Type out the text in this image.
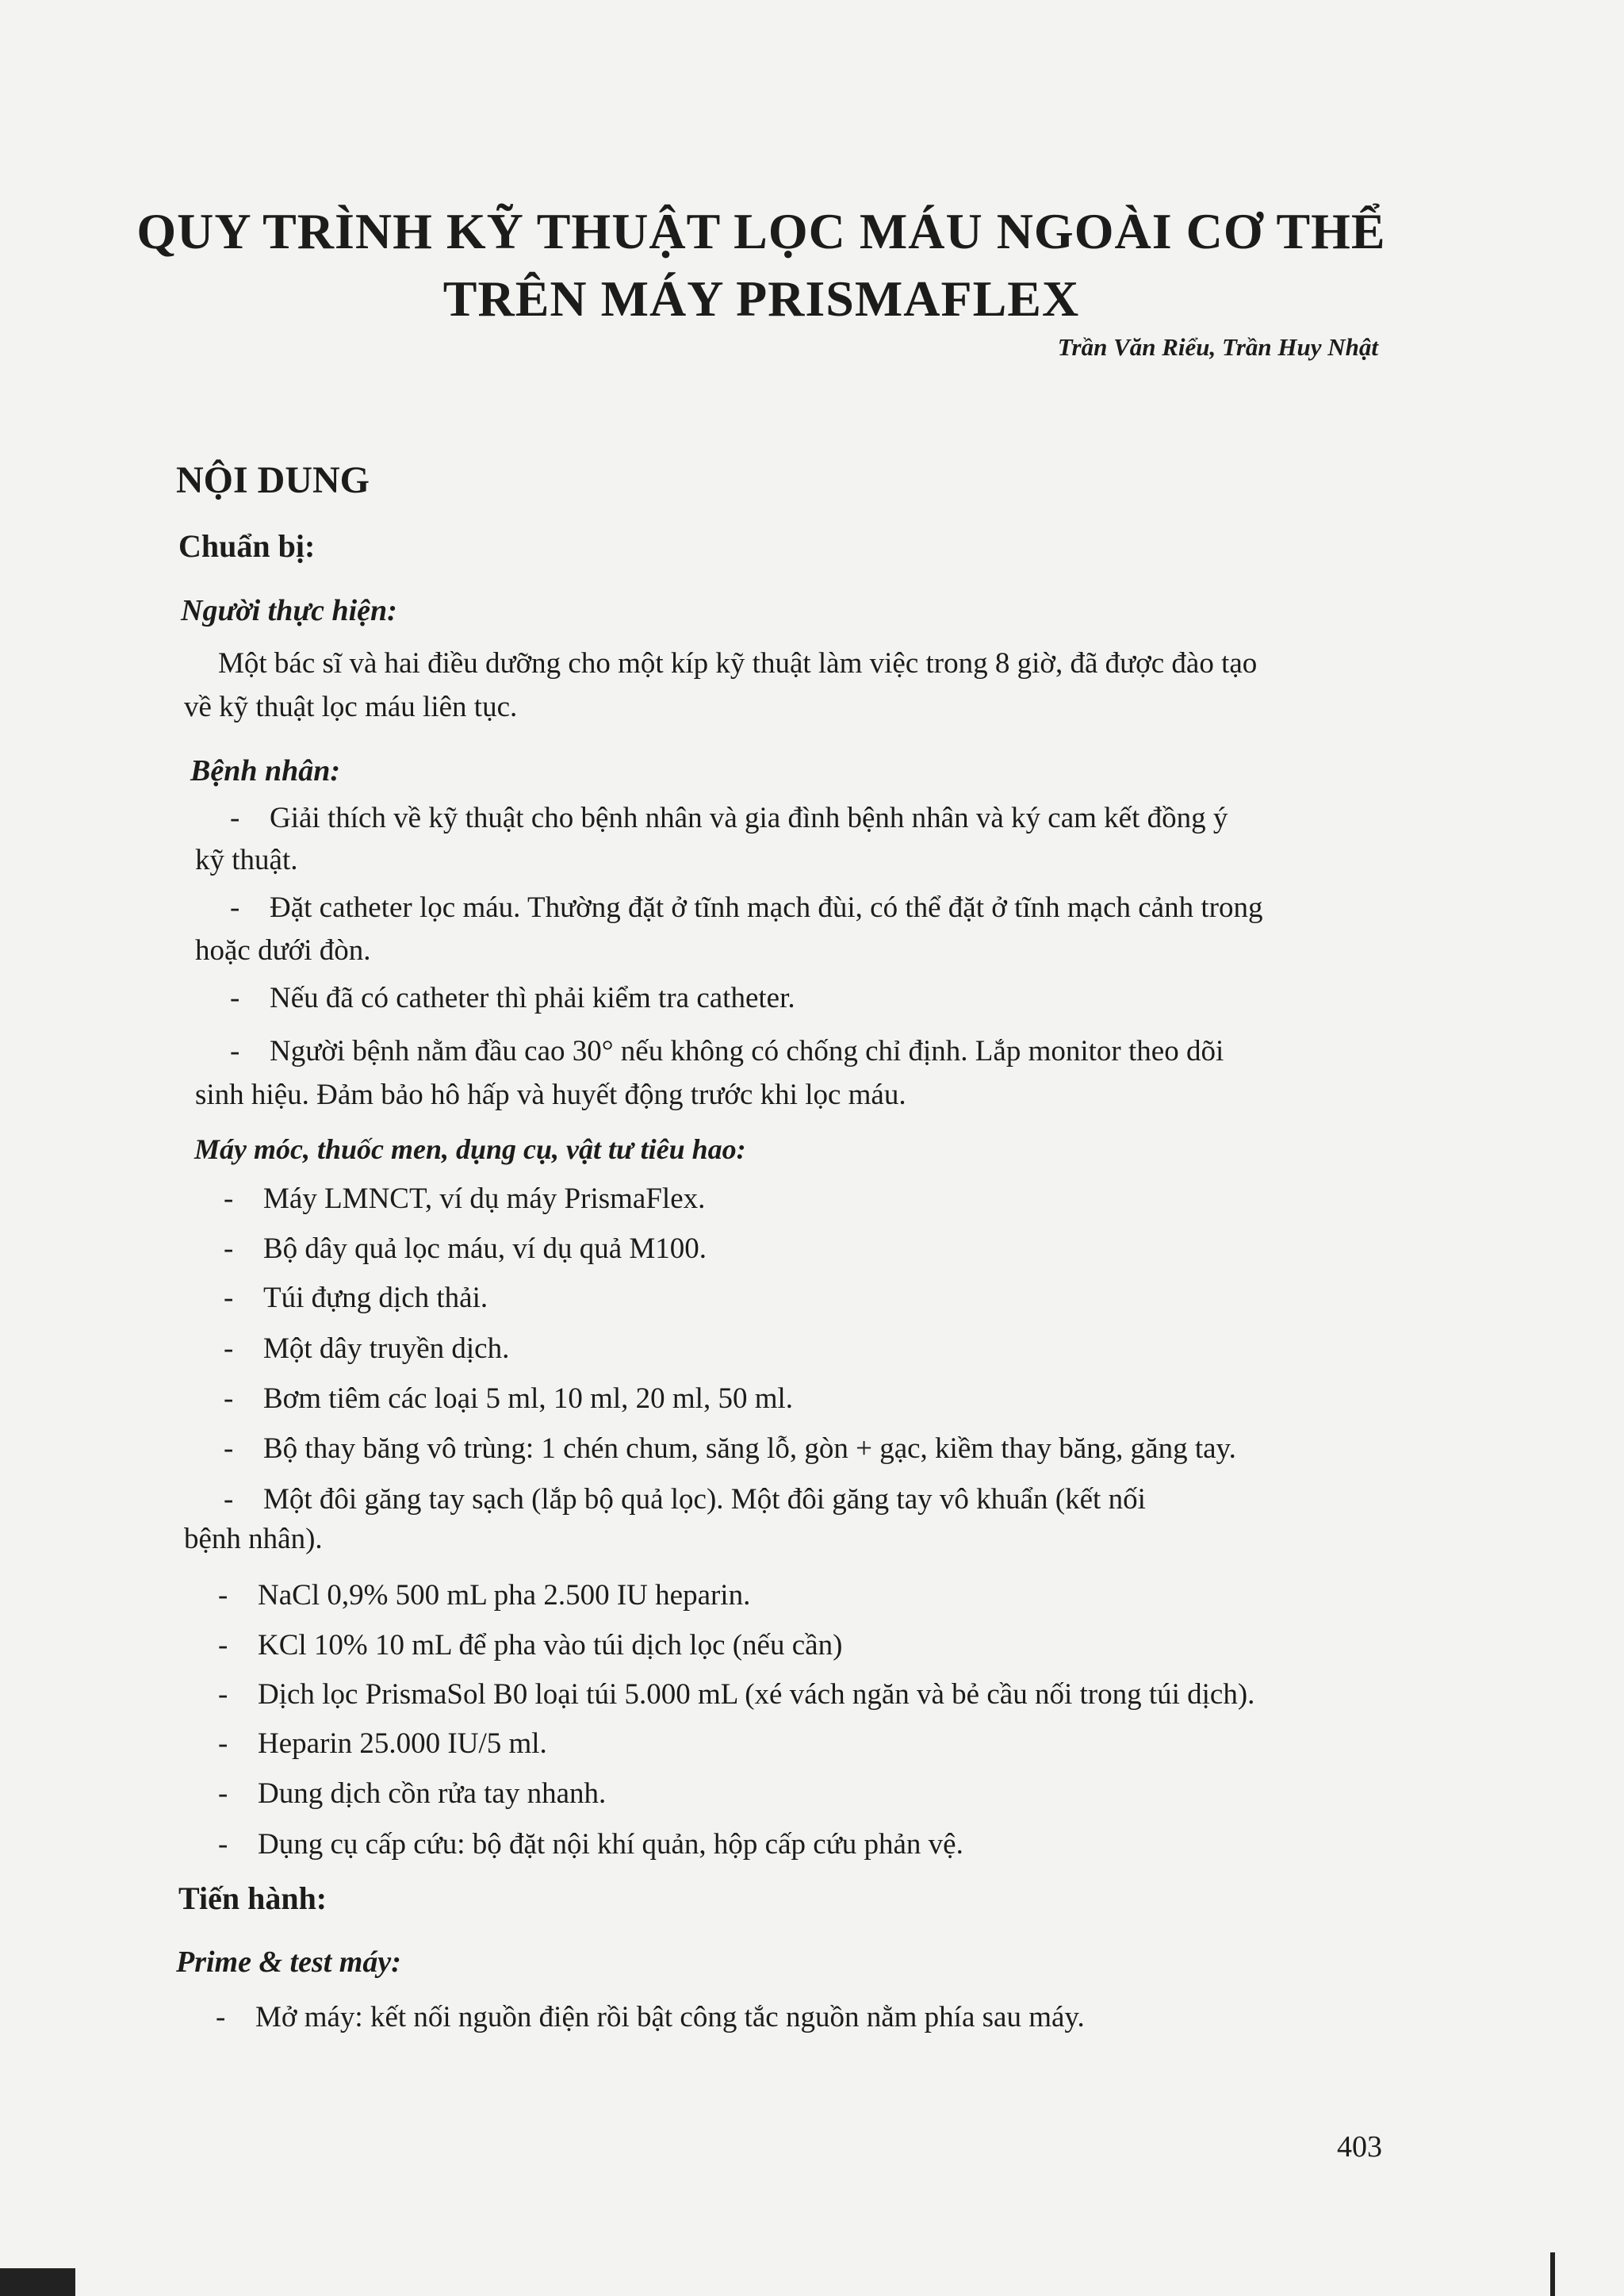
QUY TRÌNH KỸ THUẬT LỌC MÁU NGOÀI CƠ THỂ
TRÊN MÁY PRISMAFLEX
Trần Văn Riểu, Trần Huy Nhật
NỘI DUNG
Chuẩn bị:
Người thực hiện:
Một bác sĩ và hai điều dưỡng cho một kíp kỹ thuật làm việc trong 8 giờ, đã được đào tạo
về kỹ thuật lọc máu liên tục.
Bệnh nhân:
- Giải thích về kỹ thuật cho bệnh nhân và gia đình bệnh nhân và ký cam kết đồng ý
kỹ thuật.
- Đặt catheter lọc máu. Thường đặt ở tĩnh mạch đùi, có thể đặt ở tĩnh mạch cảnh trong
hoặc dưới đòn.
- Nếu đã có catheter thì phải kiểm tra catheter.
- Người bệnh nằm đầu cao 30° nếu không có chống chỉ định. Lắp monitor theo dõi
sinh hiệu. Đảm bảo hô hấp và huyết động trước khi lọc máu.
Máy móc, thuốc men, dụng cụ, vật tư tiêu hao:
- Máy LMNCT, ví dụ máy PrismaFlex.
- Bộ dây quả lọc máu, ví dụ quả M100.
- Túi đựng dịch thải.
- Một dây truyền dịch.
- Bơm tiêm các loại 5 ml, 10 ml, 20 ml, 50 ml.
- Bộ thay băng vô trùng: 1 chén chum, săng lỗ, gòn + gạc, kiềm thay băng, găng tay.
- Một đôi găng tay sạch (lắp bộ quả lọc). Một đôi găng tay vô khuẩn (kết nối
bệnh nhân).
- NaCl 0,9% 500 mL pha 2.500 IU heparin.
- KCl 10% 10 mL để pha vào túi dịch lọc (nếu cần)
- Dịch lọc PrismaSol B0 loại túi 5.000 mL (xé vách ngăn và bẻ cầu nối trong túi dịch).
- Heparin 25.000 IU/5 ml.
- Dung dịch cồn rửa tay nhanh.
- Dụng cụ cấp cứu: bộ đặt nội khí quản, hộp cấp cứu phản vệ.
Tiến hành:
Prime & test máy:
- Mở máy: kết nối nguồn điện rồi bật công tắc nguồn nằm phía sau máy.
403
